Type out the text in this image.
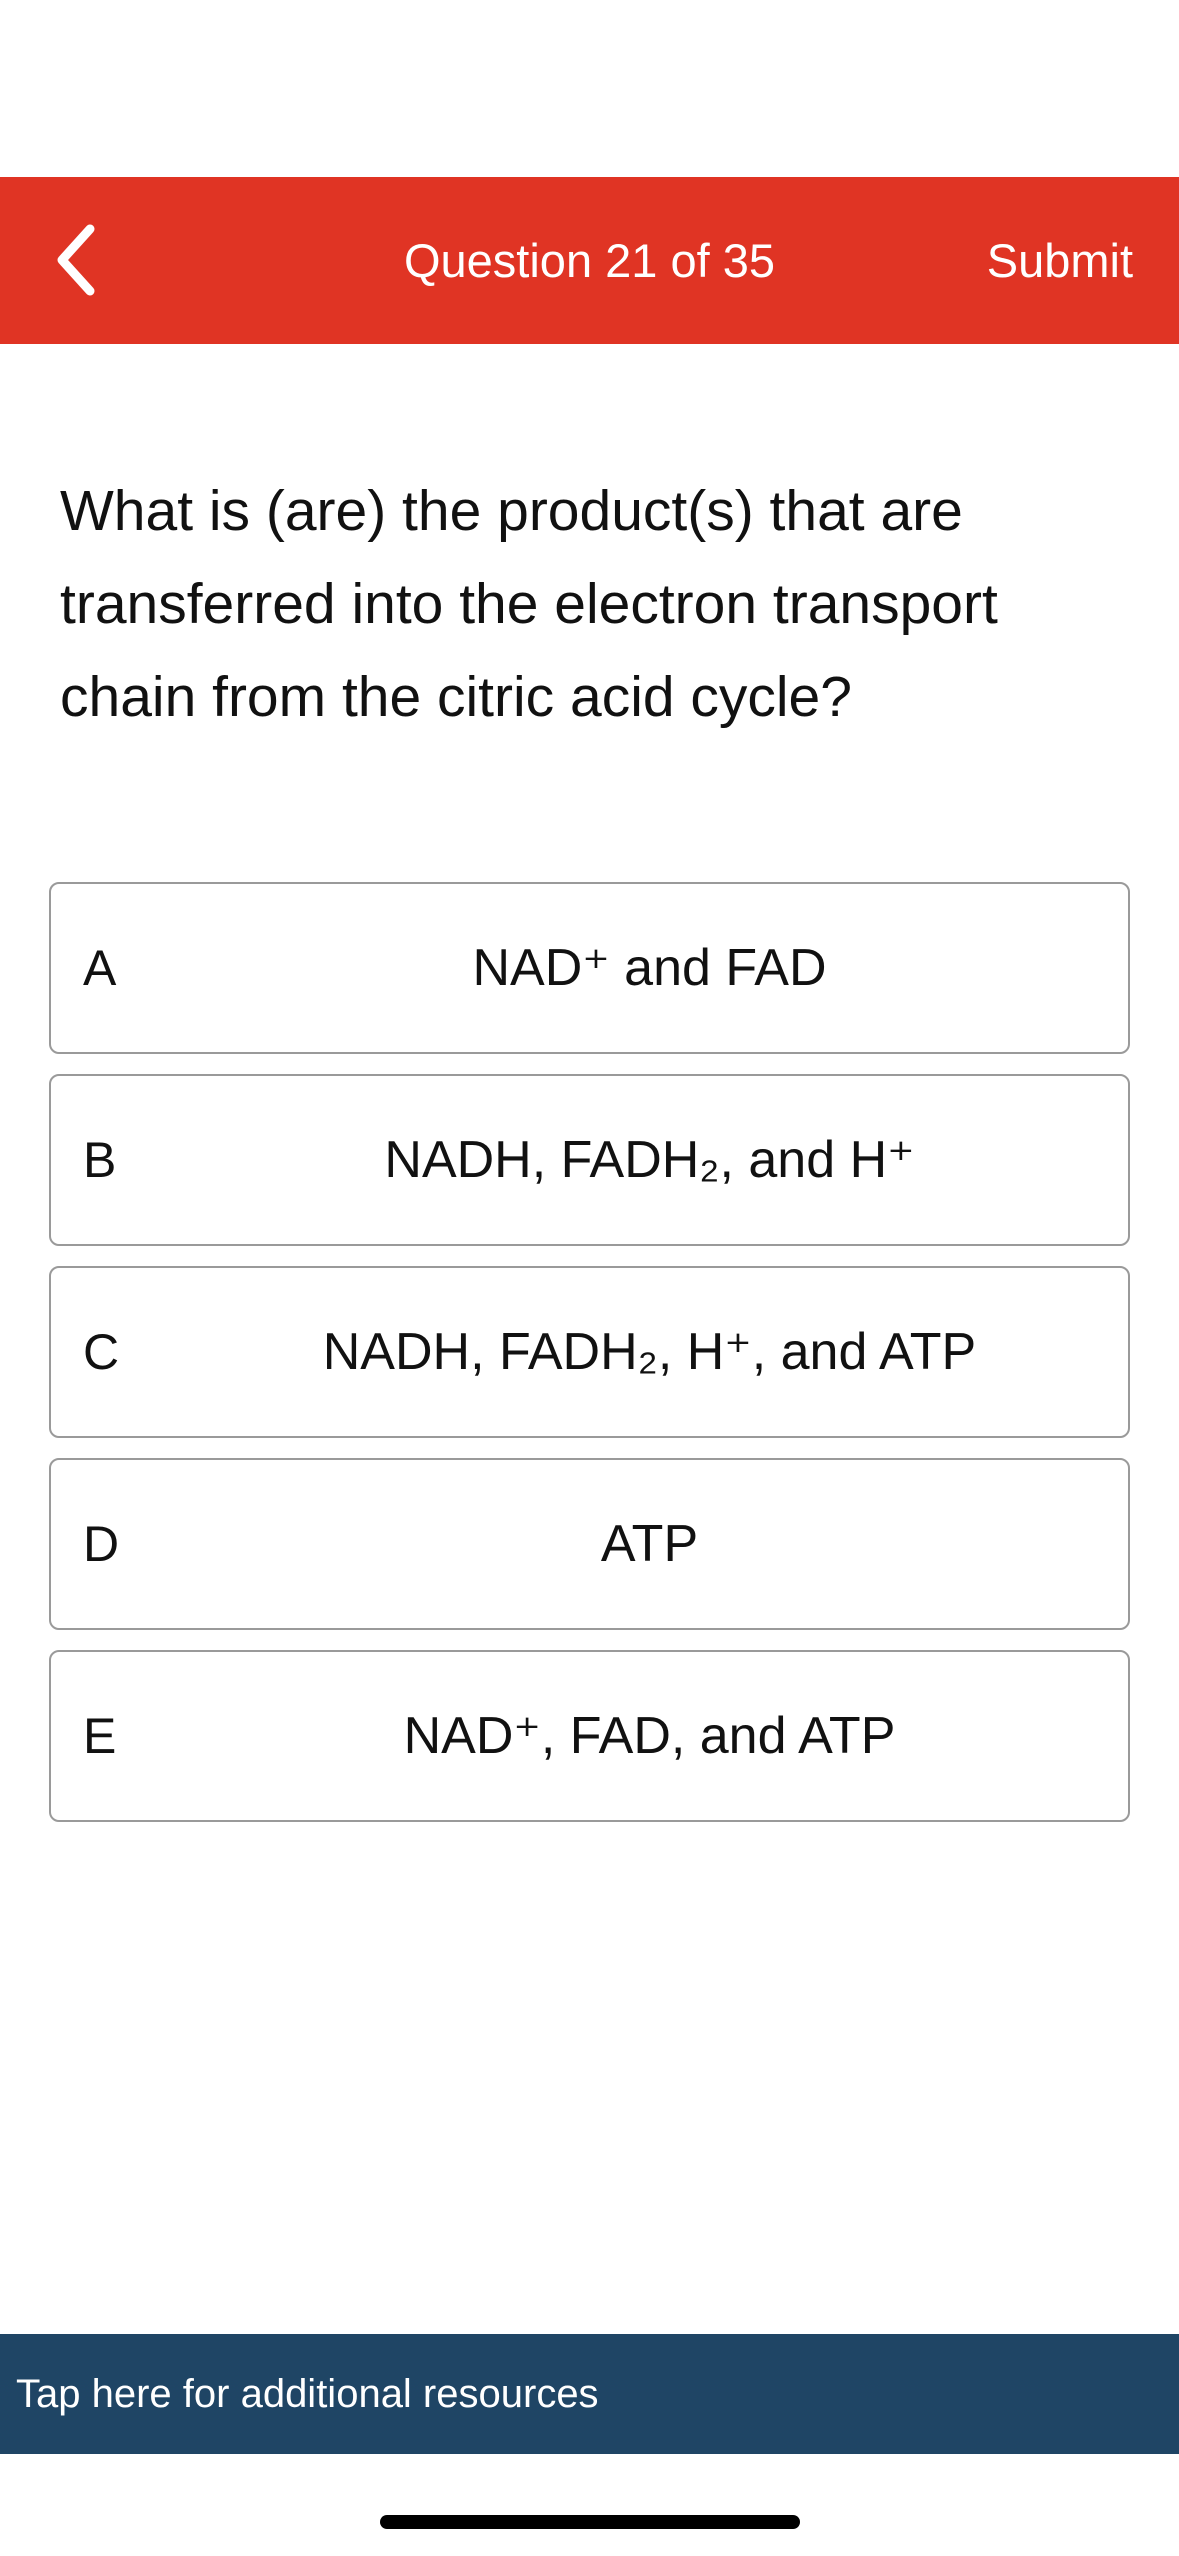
Question 21 of 35	Submit
What is (are) the product(s) that are transferred into the electron transport chain from the citric acid cycle?
A	NAD⁺ and FAD
B	NADH, FADH₂, and H⁺
C	NADH, FADH₂, H⁺, and ATP
D	ATP
E	NAD⁺, FAD, and ATP
Tap here for additional resources
